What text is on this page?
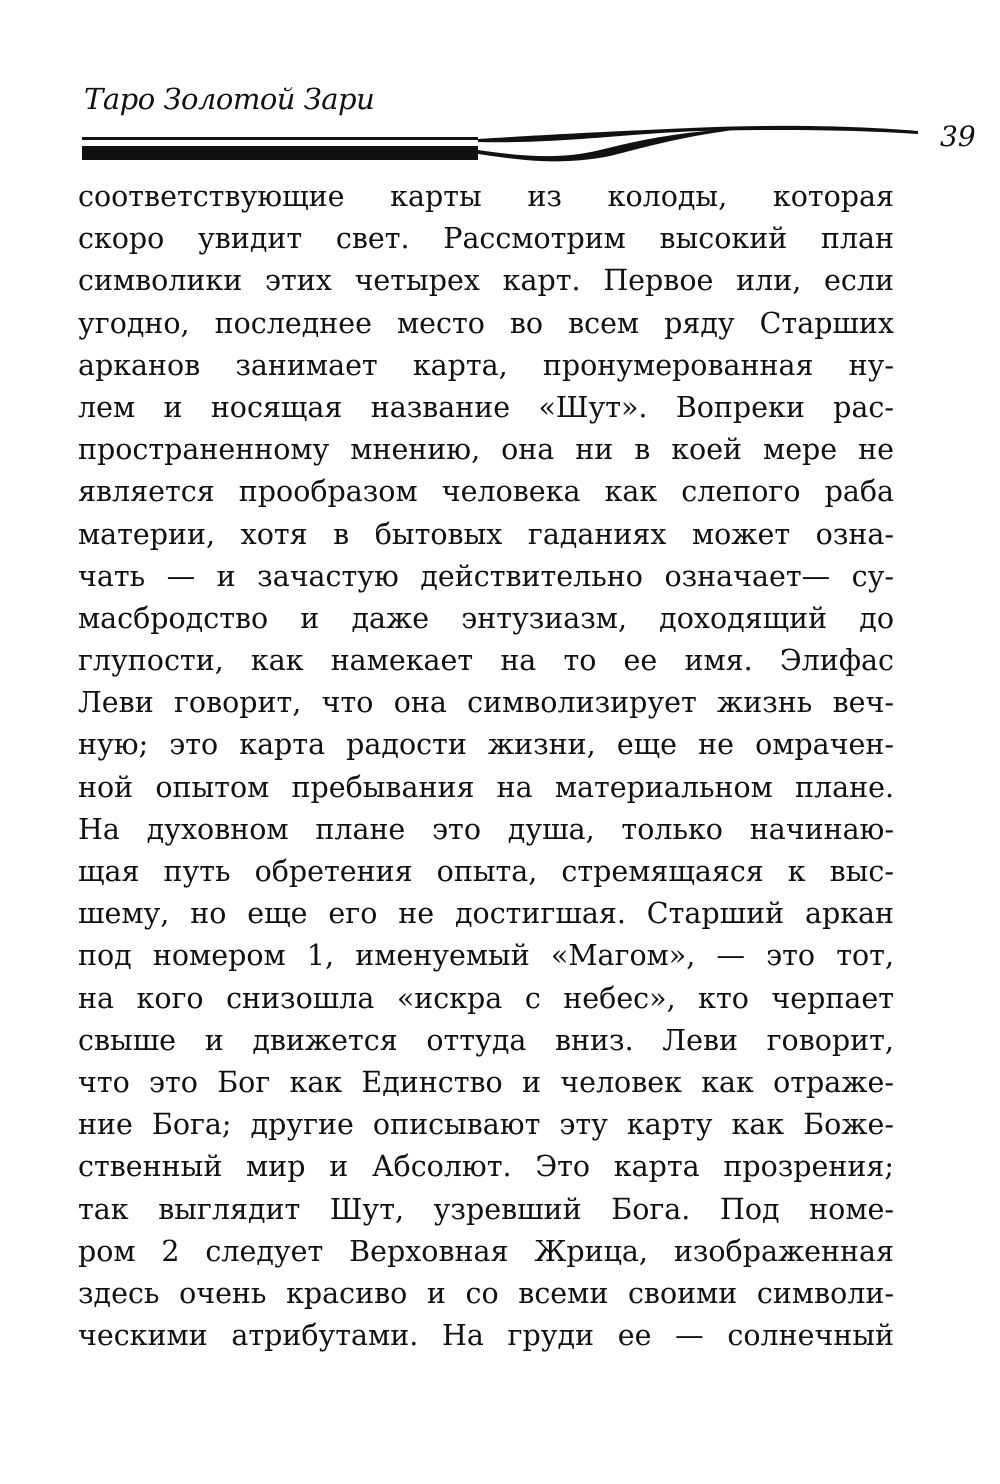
Таро Золотой Зари
39
соответствующие карты из колоды, которая
скоро увидит свет. Рассмотрим высокий план
символики этих четырех карт. Первое или, если
угодно, последнее место во всем ряду Старших
арканов занимает карта, пронумерованная ну-
лем и носящая название «Шут». Вопреки рас-
пространенному мнению, она ни в коей мере не
является прообразом человека как слепого раба
материи, хотя в бытовых гаданиях может озна-
чать — и зачастую действительно означает— су-
масбродство и даже энтузиазм, доходящий до
глупости, как намекает на то ее имя. Элифас
Леви говорит, что она символизирует жизнь веч-
ную; это карта радости жизни, еще не омрачен-
ной опытом пребывания на материальном плане.
На духовном плане это душа, только начинаю-
щая путь обретения опыта, стремящаяся к выс-
шему, но еще его не достигшая. Старший аркан
под номером 1, именуемый «Магом», — это тот,
на кого снизошла «искра с небес», кто черпает
свыше и движется оттуда вниз. Леви говорит,
что это Бог как Единство и человек как отраже-
ние Бога; другие описывают эту карту как Боже-
ственный мир и Абсолют. Это карта прозрения;
так выглядит Шут, узревший Бога. Под номе-
ром 2 следует Верховная Жрица, изображенная
здесь очень красиво и со всеми своими символи-
ческими атрибутами. На груди ее — солнечный
